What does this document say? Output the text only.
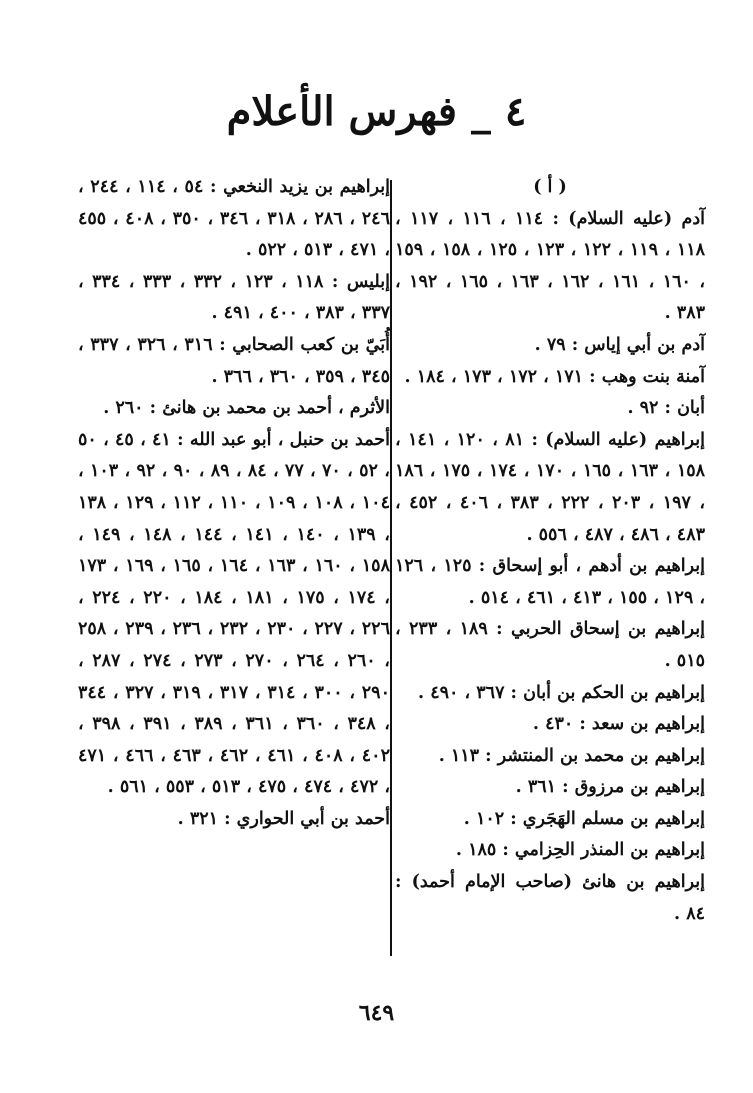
٤ _ فهرس الأعلام
( أ )
آدم (عليه السلام) : ١١٤ ، ١١٦ ، ١١٧ ، ١١٨ ، ١١٩ ، ١٢٢ ، ١٢٣ ، ١٢٥ ، ١٥٨ ، ١٥٩ ، ١٦٠ ، ١٦١ ، ١٦٢ ، ١٦٣ ، ١٦٥ ، ١٩٢ ، ٣٨٣ .
آدم بن أبي إياس : ٧٩ .
آمنة بنت وهب : ١٧١ ، ١٧٢ ، ١٧٣ ، ١٨٤ .
أبان : ٩٢ .
إبراهيم (عليه السلام) : ٨١ ، ١٢٠ ، ١٤١ ، ١٥٨ ، ١٦٣ ، ١٦٥ ، ١٧٠ ، ١٧٤ ، ١٧٥ ، ١٨٦ ، ١٩٧ ، ٢٠٣ ، ٢٢٢ ، ٣٨٣ ، ٤٠٦ ، ٤٥٢ ، ٤٨٣ ، ٤٨٦ ، ٤٨٧ ، ٥٥٦ .
إبراهيم بن أدهم ، أبو إسحاق : ١٢٥ ، ١٢٦ ، ١٢٩ ، ١٥٥ ، ٤١٣ ، ٤٦١ ، ٥١٤ .
إبراهيم بن إسحاق الحربي : ١٨٩ ، ٢٣٣ ، ٥١٥ .
إبراهيم بن الحكم بن أبان : ٣٦٧ ، ٤٩٠ .
إبراهيم بن سعد : ٤٣٠ .
إبراهيم بن محمد بن المنتشر : ١١٣ .
إبراهيم بن مرزوق : ٣٦١ .
إبراهيم بن مسلم الهَجَري : ١٠٢ .
إبراهيم بن المنذر الحِزامي : ١٨٥ .
إبراهيم بن هانئ (صاحب الإمام أحمد) : ٨٤ .
إبراهيم بن يزيد النخعي : ٥٤ ، ١١٤ ، ٢٤٤ ، ٢٤٦ ، ٢٨٦ ، ٣١٨ ، ٣٤٦ ، ٣٥٠ ، ٤٠٨ ، ٤٥٥ ، ٤٧١ ، ٥١٣ ، ٥٢٢ .
إبليس : ١١٨ ، ١٢٣ ، ٣٣٢ ، ٣٣٣ ، ٣٣٤ ، ٣٣٧ ، ٣٨٣ ، ٤٠٠ ، ٤٩١ .
أُبَيّ بن كعب الصحابي : ٣١٦ ، ٣٢٦ ، ٣٣٧ ، ٣٤٥ ، ٣٥٩ ، ٣٦٠ ، ٣٦٦ .
الأثرم ، أحمد بن محمد بن هانئ : ٢٦٠ .
أحمد بن حنبل ، أبو عبد الله : ٤١ ، ٤٥ ، ٥٠ ، ٥٢ ، ٧٠ ، ٧٧ ، ٨٤ ، ٨٩ ، ٩٠ ، ٩٢ ، ١٠٣ ، ١٠٤ ، ١٠٨ ، ١٠٩ ، ١١٠ ، ١١٢ ، ١٢٩ ، ١٣٨ ، ١٣٩ ، ١٤٠ ، ١٤١ ، ١٤٤ ، ١٤٨ ، ١٤٩ ، ١٥٨ ، ١٦٠ ، ١٦٣ ، ١٦٤ ، ١٦٥ ، ١٦٩ ، ١٧٣ ، ١٧٤ ، ١٧٥ ، ١٨١ ، ١٨٤ ، ٢٢٠ ، ٢٢٤ ، ٢٢٦ ، ٢٢٧ ، ٢٣٠ ، ٢٣٢ ، ٢٣٦ ، ٢٣٩ ، ٢٥٨ ، ٢٦٠ ، ٢٦٤ ، ٢٧٠ ، ٢٧٣ ، ٢٧٤ ، ٢٨٧ ، ٢٩٠ ، ٣٠٠ ، ٣١٤ ، ٣١٧ ، ٣١٩ ، ٣٢٧ ، ٣٤٤ ، ٣٤٨ ، ٣٦٠ ، ٣٦١ ، ٣٨٩ ، ٣٩١ ، ٣٩٨ ، ٤٠٢ ، ٤٠٨ ، ٤٦١ ، ٤٦٢ ، ٤٦٣ ، ٤٦٦ ، ٤٧١ ، ٤٧٢ ، ٤٧٤ ، ٤٧٥ ، ٥١٣ ، ٥٥٣ ، ٥٦١ .
أحمد بن أبي الحواري : ٣٢١ .
٦٤٩
